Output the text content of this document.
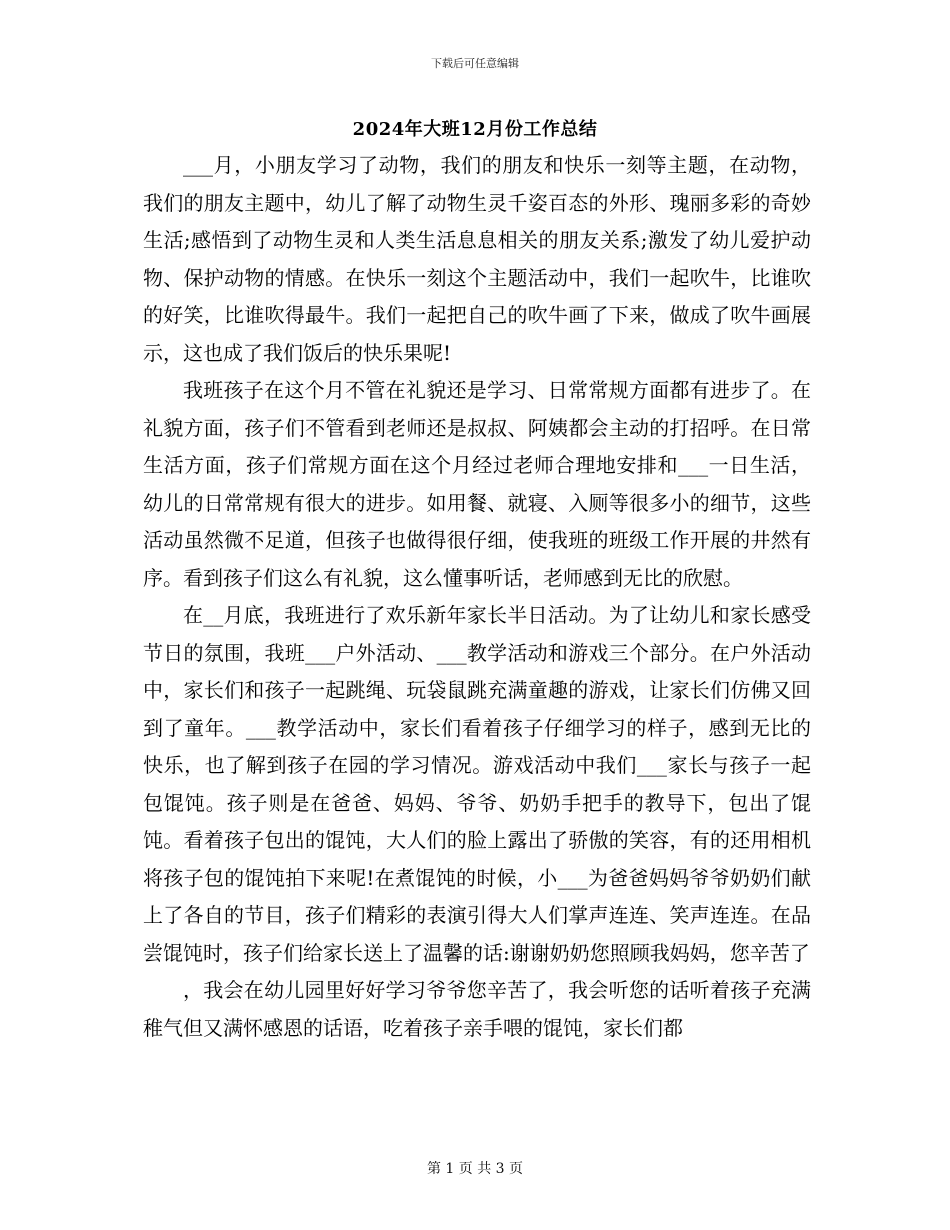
下载后可任意编辑
2024年大班12月份工作总结

___月，小朋友学习了动物，我们的朋友和快乐一刻等主题，在动物，我们的朋友主题中，幼儿了解了动物生灵千姿百态的外形、瑰丽多彩的奇妙生活;感悟到了动物生灵和人类生活息息相关的朋友关系;激发了幼儿爱护动物、保护动物的情感。在快乐一刻这个主题活动中，我们一起吹牛，比谁吹的好笑，比谁吹得最牛。我们一起把自己的吹牛画了下来，做成了吹牛画展示，这也成了我们饭后的快乐果呢!

我班孩子在这个月不管在礼貌还是学习、日常常规方面都有进步了。在礼貌方面，孩子们不管看到老师还是叔叔、阿姨都会主动的打招呼。在日常生活方面，孩子们常规方面在这个月经过老师合理地安排和___一日生活，幼儿的日常常规有很大的进步。如用餐、就寝、入厕等很多小的细节，这些活动虽然微不足道，但孩子也做得很仔细，使我班的班级工作开展的井然有序。看到孩子们这么有礼貌，这么懂事听话，老师感到无比的欣慰。

在__月底，我班进行了欢乐新年家长半日活动。为了让幼儿和家长感受节日的氛围，我班___户外活动、___教学活动和游戏三个部分。在户外活动中，家长们和孩子一起跳绳、玩袋鼠跳充满童趣的游戏，让家长们仿佛又回到了童年。___教学活动中，家长们看着孩子仔细学习的样子，感到无比的快乐，也了解到孩子在园的学习情况。游戏活动中我们___家长与孩子一起包馄饨。孩子则是在爸爸、妈妈、爷爷、奶奶手把手的教导下，包出了馄饨。看着孩子包出的馄饨，大人们的脸上露出了骄傲的笑容，有的还用相机将孩子包的馄饨拍下来呢!在煮馄饨的时候，小___为爸爸妈妈爷爷奶奶们献上了各自的节目，孩子们精彩的表演引得大人们掌声连连、笑声连连。在品尝馄饨时，孩子们给家长送上了温馨的话:谢谢奶奶您照顾我妈妈，您辛苦了

，我会在幼儿园里好好学习爷爷您辛苦了，我会听您的话听着孩子充满稚气但又满怀感恩的话语，吃着孩子亲手喂的馄饨，家长们都

第 1 页 共 3 页
